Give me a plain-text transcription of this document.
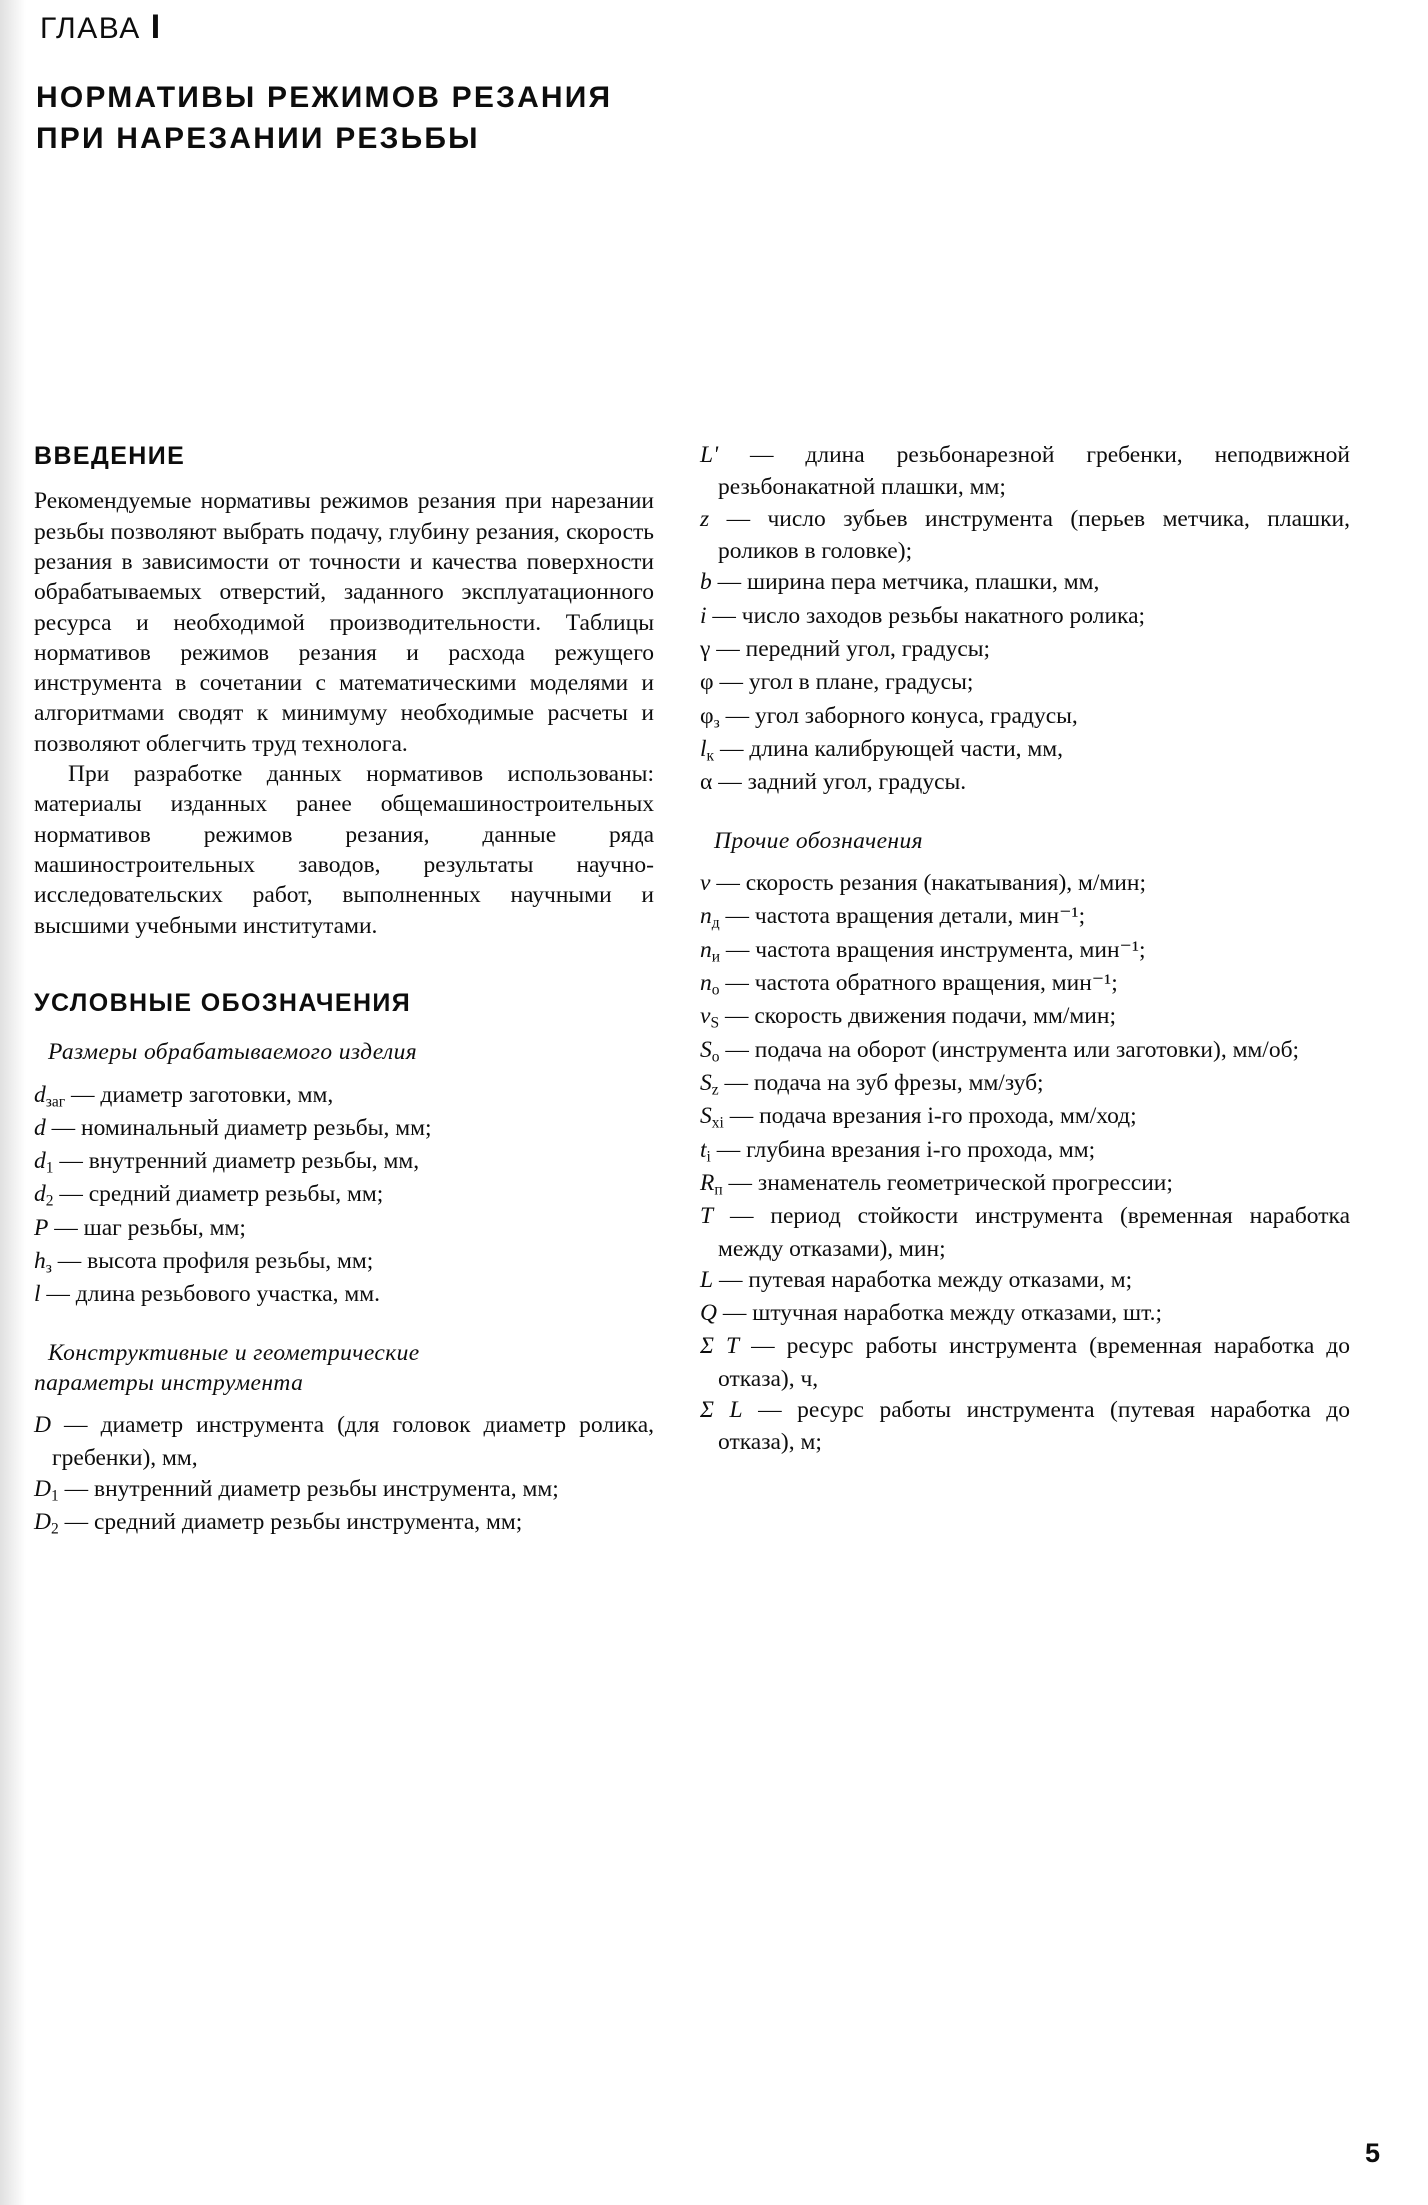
ГЛАВА I
НОРМАТИВЫ РЕЖИМОВ РЕЗАНИЯ
ПРИ НАРЕЗАНИИ РЕЗЬБЫ
ВВЕДЕНИЕ

Рекомендуемые нормативы режимов резания при нарезании резьбы позволяют выбрать подачу, глубину резания, скорость резания в зависимости от точности и качества поверхности обрабатываемых отверстий, заданного эксплуатационного ресурса и необходимой производительности. Таблицы нормативов режимов резания и расхода режущего инструмента в сочетании с математическими моделями и алгоритмами сводят к минимуму необходимые расчеты и позволяют облегчить труд технолога.

При разработке данных нормативов использованы: материалы изданных ранее общемашиностроительных нормативов режимов резания, данные ряда машиностроительных заводов, результаты научно-исследовательских работ, выполненных научными и высшими учебными институтами.

УСЛОВНЫЕ ОБОЗНАЧЕНИЯ
Размеры обрабатываемого изделия
$d_{заг}$ — диаметр заготовки, мм,
d — номинальный диаметр резьбы, мм;
$d_1$ — внутренний диаметр резьбы, мм,
$d_2$ — средний диаметр резьбы, мм;
P — шаг резьбы, мм;
$h_з$ — высота профиля резьбы, мм;
l — длина резьбового участка, мм.
Конструктивные и геометрические
параметры инструмента
D — диаметр инструмента (для головок диаметр ролика, гребенки), мм,
$D_1$ — внутренний диаметр резьбы инструмента, мм;
$D_2$ — средний диаметр резьбы инструмента, мм;
L' — длина резьбонарезной гребенки, неподвижной резьбонакатной плашки, мм;
z — число зубьев инструмента (перьев метчика, плашки, роликов в головке);
b — ширина пера метчика, плашки, мм,
i — число заходов резьбы накатного ролика;
γ — передний угол, градусы;
φ — угол в плане, градусы;
$\varphi_з$ — угол заборного конуса, градусы,
$l_к$ — длина калибрующей части, мм,
α — задний угол, градусы.
Прочие обозначения
v — скорость резания (накатывания), м/мин;
$n_д$ — частота вращения детали, мин⁻¹;
$n_и$ — частота вращения инструмента, мин⁻¹;
$n_о$ — частота обратного вращения, мин⁻¹;
$v_S$ — скорость движения подачи, мм/мин;
$S_о$ — подача на оборот (инструмента или заготовки), мм/об;
$S_z$ — подача на зуб фрезы, мм/зуб;
$S_{xi}$ — подача врезания i-го прохода, мм/ход;
$t_i$ — глубина врезания i-го прохода, мм;
$R_п$ — знаменатель геометрической прогрессии;
T — период стойкости инструмента (временная наработка между отказами), мин;
L — путевая наработка между отказами, м;
Q — штучная наработка между отказами, шт.;
Σ T — ресурс работы инструмента (временная наработка до отказа), ч,
Σ L — ресурс работы инструмента (путевая наработка до отказа), м;
5
